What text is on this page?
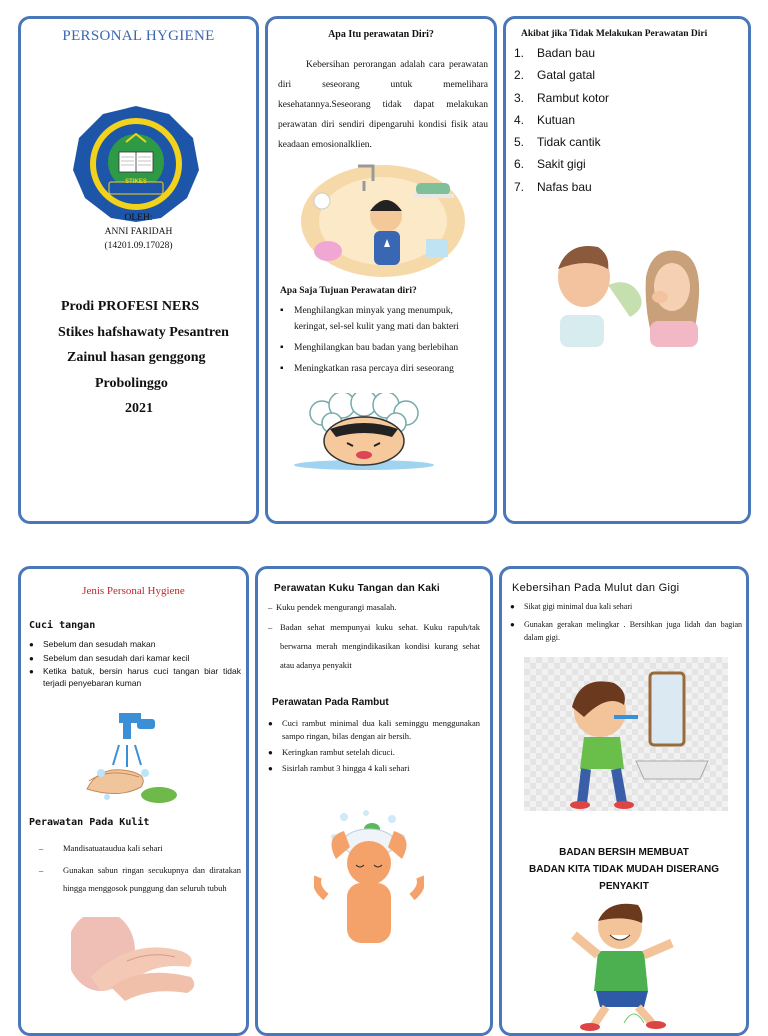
PERSONAL HYGIENE
STIKES
OLEH:
ANNI FARIDAH
(14201.09.17028)
Prodi PROFESI NERS
Stikes hafshawaty Pesantren
Zainul hasan genggong
Probolinggo
2021
Apa Itu perawatan Diri?
Kebersihan perorangan adalah cara perawatan diri seseorang untuk memelihara kesehatannya.Seseorang tidak dapat melakukan perawatan diri sendiri dipengaruhi kondisi fisik atau keadaan emosionalklien.
Apa Saja Tujuan Perawatan diri?
▪ Menghilangkan minyak yang menumpuk, keringat, sel-sel kulit yang mati dan bakteri
▪ Menghilangkan bau badan yang berlebihan
▪ Meningkatkan rasa percaya diri seseorang
Akibat jika Tidak Melakukan Perawatan Diri
1. Badan bau
2. Gatal gatal
3. Rambut kotor
4. Kutuan
5. Tidak cantik
6. Sakit gigi
7. Nafas bau
Jenis Personal Hygiene
Cuci tangan
● Sebelum dan sesudah makan
● Sebelum dan sesudah dari kamar kecil
● Ketika batuk, bersin harus cuci tangan biar tidak terjadi penyebaran kuman
Perawatan Pada Kulit
– Mandisatuataudua kali sehari
– Gunakan sabun ringan secukupnya dan diratakan hingga menggosok punggung dan seluruh tubuh
Perawatan Kuku Tangan dan Kaki
– Kuku pendek mengurangi masalah.
– Badan sehat mempunyai kuku sehat. Kuku rapuh/tak berwarna merah mengindikasikan kondisi kurang sehat atau adanya penyakit
Perawatan Pada Rambut
● Cuci rambut minimal dua kali seminggu menggunakan sampo ringan, bilas dengan air bersih.
● Keringkan rambut setelah dicuci.
● Sisirlah rambut 3 hingga 4 kali sehari
Kebersihan Pada Mulut dan Gigi
● Sikat gigi minimal dua kali sehari
● Gunakan gerakan melingkar . Bersihkan juga lidah dan bagian dalam gigi.
BADAN BERSIH MEMBUAT
BADAN KITA TIDAK MUDAH DISERANG
PENYAKIT
